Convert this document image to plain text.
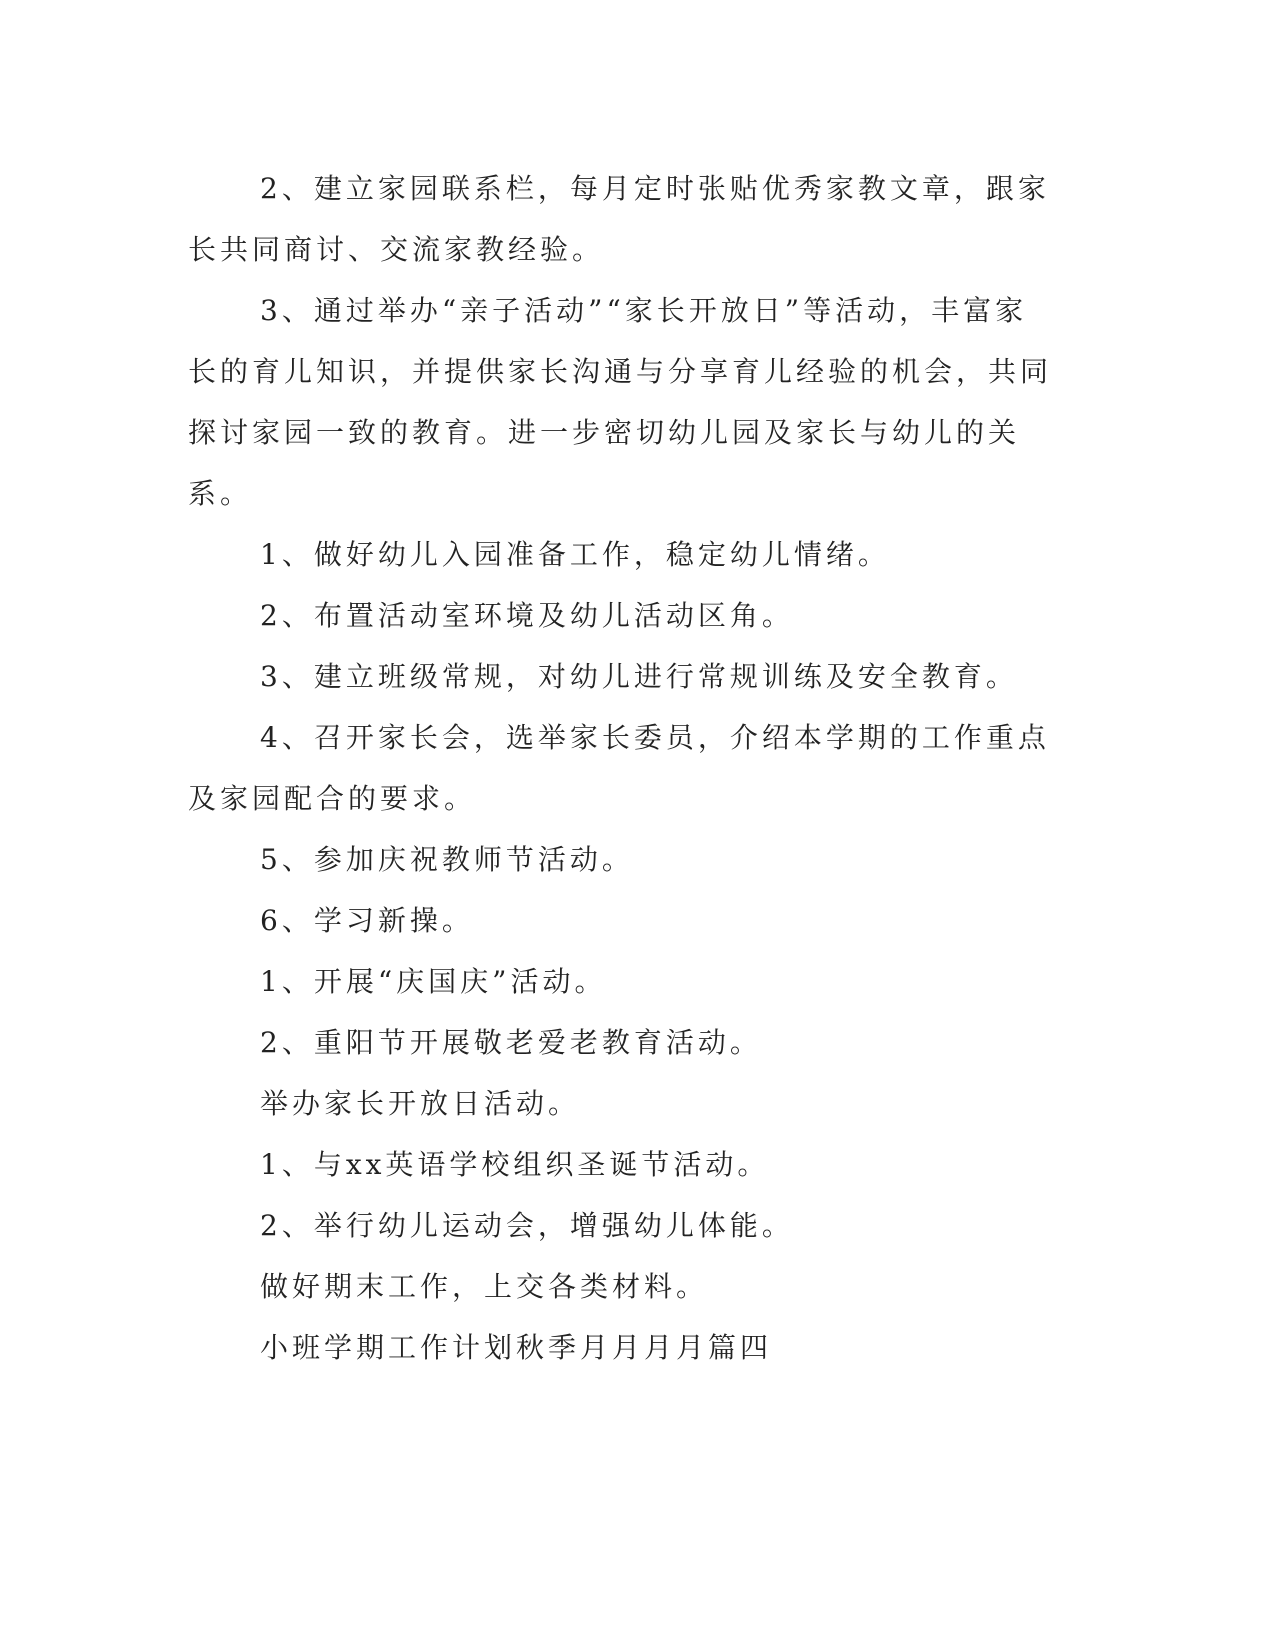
2、建立家园联系栏，每月定时张贴优秀家教文章，跟家长共同商讨、交流家教经验。

3、通过举办“亲子活动”“家长开放日”等活动，丰富家长的育儿知识，并提供家长沟通与分享育儿经验的机会，共同探讨家园一致的教育。进一步密切幼儿园及家长与幼儿的关系。

1、做好幼儿入园准备工作，稳定幼儿情绪。

2、布置活动室环境及幼儿活动区角。

3、建立班级常规，对幼儿进行常规训练及安全教育。

4、召开家长会，选举家长委员，介绍本学期的工作重点及家园配合的要求。

5、参加庆祝教师节活动。

6、学习新操。

1、开展“庆国庆”活动。

2、重阳节开展敬老爱老教育活动。

举办家长开放日活动。

1、与xx英语学校组织圣诞节活动。

2、举行幼儿运动会，增强幼儿体能。

做好期末工作，上交各类材料。

小班学期工作计划秋季月月月月篇四
